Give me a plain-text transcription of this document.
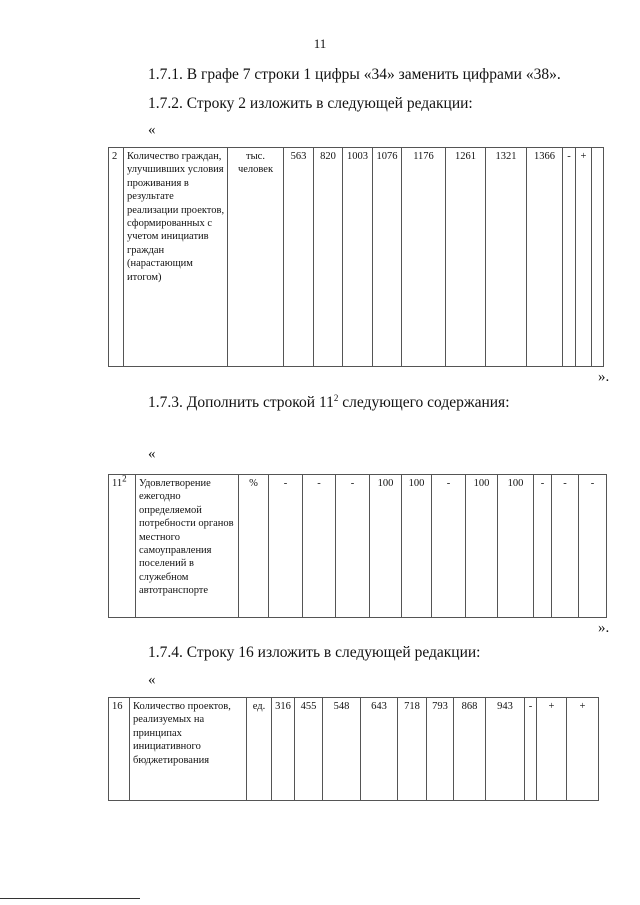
11
1.7.1. В графе 7 строки 1 цифры «34» заменить цифрами «38».
1.7.2. Строку 2 изложить в следующей редакции:
«
2	Количество граждан, улучшивших условия проживания в результате реализации проектов, сформированных с учетом инициатив граждан (нарастающим итогом)	тыс. человек	563	820	1003	1076	1176	1261	1321	1366	-	+	
».
1.7.3. Дополнить строкой $11^2$ следующего содержания:
«
$11^2$	Удовлетворение ежегодно определяемой потребности органов местного самоуправления поселений в служебном автотранспорте	%	-	-	-	100	100	-	100	100	-	-	-
».
1.7.4. Строку 16 изложить в следующей редакции:
«
16	Количество проектов, реализуемых на принципах инициативного бюджетирования	ед.	316	455	548	643	718	793	868	943	-	+	+
